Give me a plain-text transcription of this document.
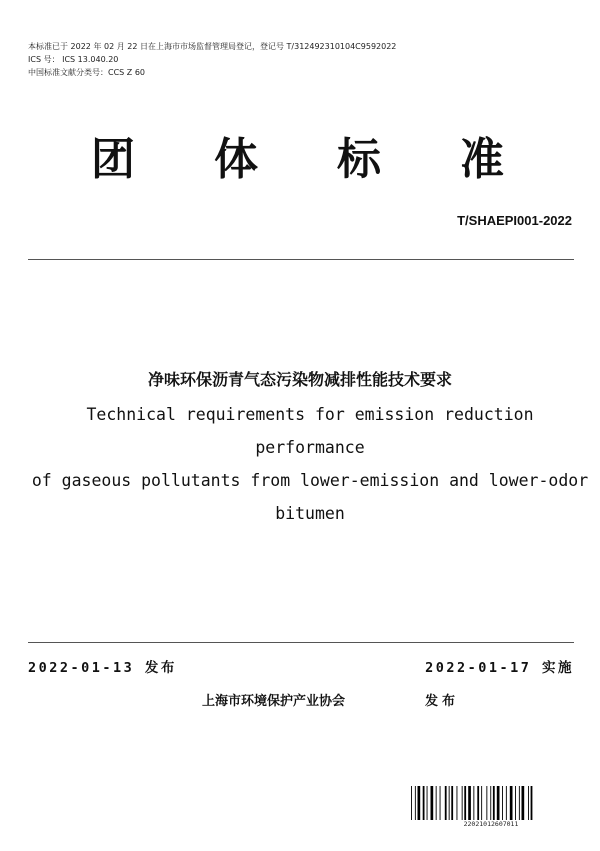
本标准已于 2022 年 02 月 22 日在上海市市场监督管理局登记，登记号 T/312492310104C9592022
ICS 号： ICS 13.040.20
中国标准文献分类号：CCS Z 60
团 体 标 准
T/SHAEPI001-2022
净味环保沥青气态污染物减排性能技术要求
Technical requirements for emission reduction performance
of gaseous pollutants from lower-emission and lower-odor
bitumen
2022-01-13 发布	2022-01-17 实施
上海市环境保护产业协会	发布
22021012607011
